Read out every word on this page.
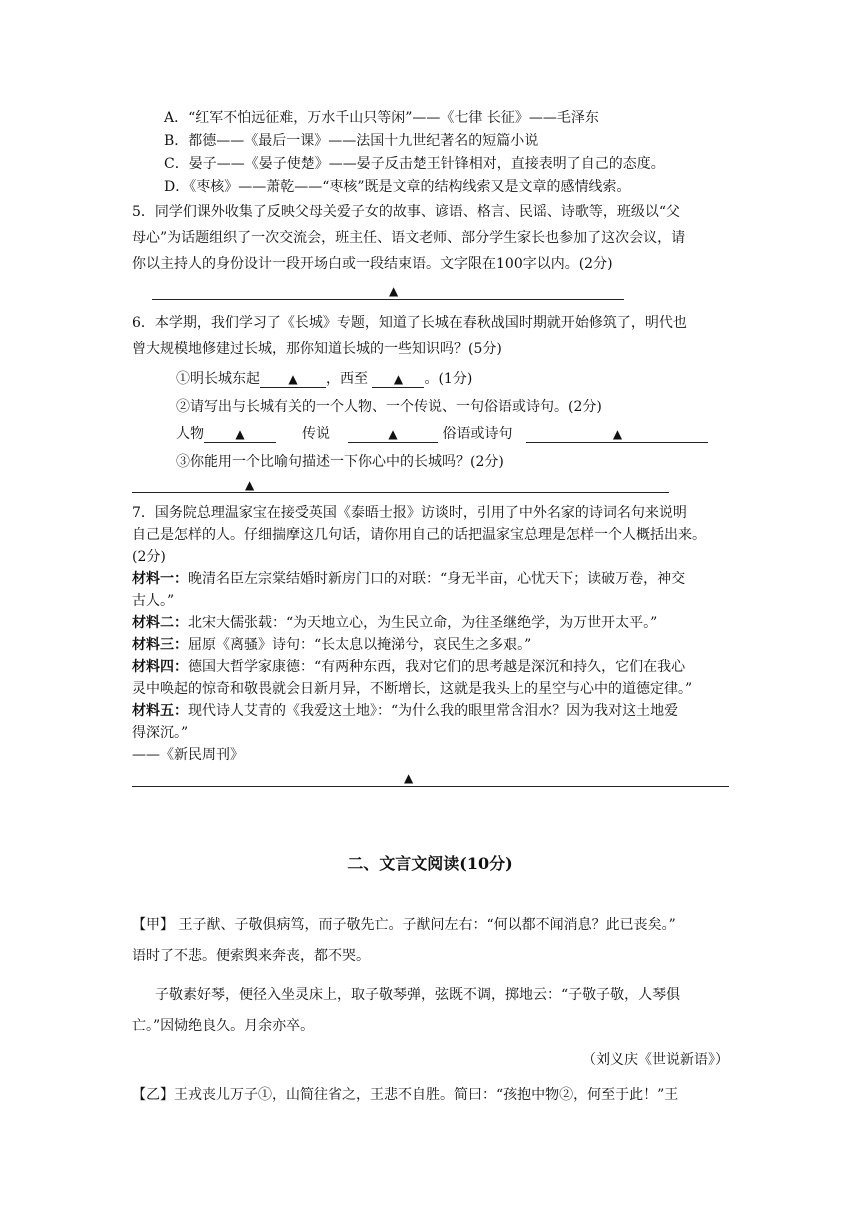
A．“红军不怕远征难，万水千山只等闲”——《七律 长征》——毛泽东
B．都德——《最后一课》——法国十九世纪著名的短篇小说
C．晏子——《晏子使楚》——晏子反击楚王针锋相对，直接表明了自己的态度。
D．《枣核》——萧乾——“枣核”既是文章的结构线索又是文章的感情线索。
5．同学们课外收集了反映父母关爱子女的故事、谚语、格言、民谣、诗歌等，班级以“父
母心”为话题组织了一次交流会，班主任、语文老师、部分学生家长也参加了这次会议，请
你以主持人的身份设计一段开场白或一段结束语。文字限在100字以内。(2分)
▲
6．本学期，我们学习了《长城》专题，知道了长城在春秋战国时期就开始修筑了，明代也
曾大规模地修建过长城，那你知道长城的一些知识吗？(5分)
①明长城东起 ▲ ，西至 ▲ 。(1分)
②请写出与长城有关的一个人物、一个传说、一句俗语或诗句。(2分)
人物	▲	传说	▲	俗语或诗句	▲
③你能用一个比喻句描述一下你心中的长城吗？(2分)
▲
7．国务院总理温家宝在接受英国《泰晤士报》访谈时，引用了中外名家的诗词名句来说明
自己是怎样的人。仔细揣摩这几句话，请你用自己的话把温家宝总理是怎样一个人概括出来。
(2分)
材料一：晚清名臣左宗棠结婚时新房门口的对联：“身无半亩，心忧天下；读破万卷，神交
古人。”
材料二：北宋大儒张载：“为天地立心，为生民立命，为往圣继绝学，为万世开太平。”
材料三：屈原《离骚》诗句：“长太息以掩涕兮，哀民生之多艰。”
材料四：德国大哲学家康德：“有两种东西，我对它们的思考越是深沉和持久，它们在我心
灵中唤起的惊奇和敬畏就会日新月异，不断增长，这就是我头上的星空与心中的道德定律。”
材料五：现代诗人艾青的《我爱这土地》：“为什么我的眼里常含泪水？因为我对这土地爱
得深沉。”
——《新民周刊》
▲
二、文言文阅读(10分)
【甲】 王子猷、子敬俱病笃，而子敬先亡。子猷问左右：“何以都不闻消息？此已丧矣。”
语时了不悲。便索舆来奔丧，都不哭。
子敬素好琴，便径入坐灵床上，取子敬琴弹，弦既不调，掷地云：“子敬子敬，人琴俱
亡。”因恸绝良久。月余亦卒。
（刘义庆《世说新语》）
【乙】王戎丧儿万子①，山简往省之，王悲不自胜。简曰：“孩抱中物②，何至于此！”王
